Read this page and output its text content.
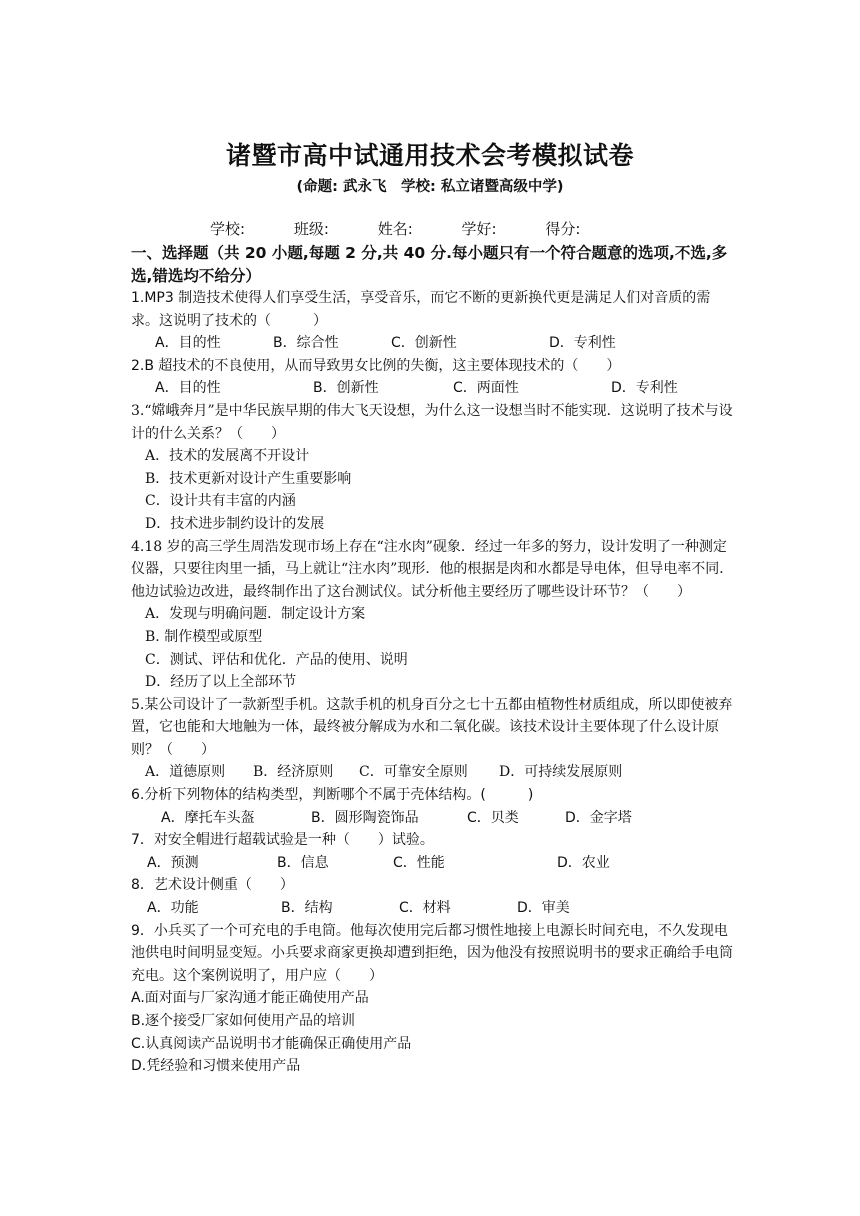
诸暨市高中试通用技术会考模拟试卷
(命题: 武永飞　学校: 私立诸暨高级中学)
学校:	班级:	姓名:	学好:	得分:

一、选择题（共 20 小题,每题 2 分,共 40 分.每小题只有一个符合题意的选项,不选,多选,错选均不给分）

1.MP3 制造技术使得人们享受生活，享受音乐，而它不断的更新换代更是满足人们对音质的需求。这说明了技术的（　　　）

A．目的性	B．综合性	C．创新性	D．专利性

2.B 超技术的不良使用，从而导致男女比例的失衡，这主要体现技术的（　　）

A．目的性	B．创新性	C．两面性	D．专利性

3.“嫦峨奔月”是中华民族早期的伟大飞天设想，为什么这一设想当时不能实现．这说明了技术与设计的什么关系？（　　）

A．技术的发展离不开设计

B．技术更新对设计产生重要影响

C．设计共有丰富的内涵

D．技术进步制约设计的发展

4.18 岁的高三学生周浩发现市场上存在“注水肉”砚象．经过一年多的努力，设计发明了一种测定仪器，只要往肉里一插，马上就让“注水肉”现形．他的根据是肉和水都是导电体，但导电率不同．他边试验边改进，最终制作出了这台测试仪。试分析他主要经历了哪些设计环节？（　　）

A．发现与明确问题．制定设计方案

B. 制作模型或原型

C．测试、评估和优化．产品的使用、说明

D．经历了以上全部环节

5.某公司设计了一款新型手机。这款手机的机身百分之七十五都由植物性材质组成，所以即使被弃置，它也能和大地触为一体，最终被分解成为水和二氧化碳。该技术设计主要体现了什么设计原则？（　　）

A．道德原则 B．经济原则 C．可靠安全原则 D．可持续发展原则

6.分析下列物体的结构类型，判断哪个不属于壳体结构。(　　　)

A．摩托车头盔	B．圆形陶瓷饰品	C．贝类	D．金字塔

7．对安全帽进行超载试验是一种（　　）试验。

A．预测	B．信息	C．性能	D．农业

8．艺术设计侧重（　　）

A．功能	B．结构	C．材料	D．审美

9．小兵买了一个可充电的手电筒。他每次使用完后都习惯性地接上电源长时间充电，不久发现电池供电时间明显变短。小兵要求商家更换却遭到拒绝，因为他没有按照说明书的要求正确给手电筒充电。这个案例说明了，用户应（　　）

A.面对面与厂家沟通才能正确使用产品

B.逐个接受厂家如何使用产品的培训

C.认真阅读产品说明书才能确保正确使用产品

D.凭经验和习惯来使用产品
